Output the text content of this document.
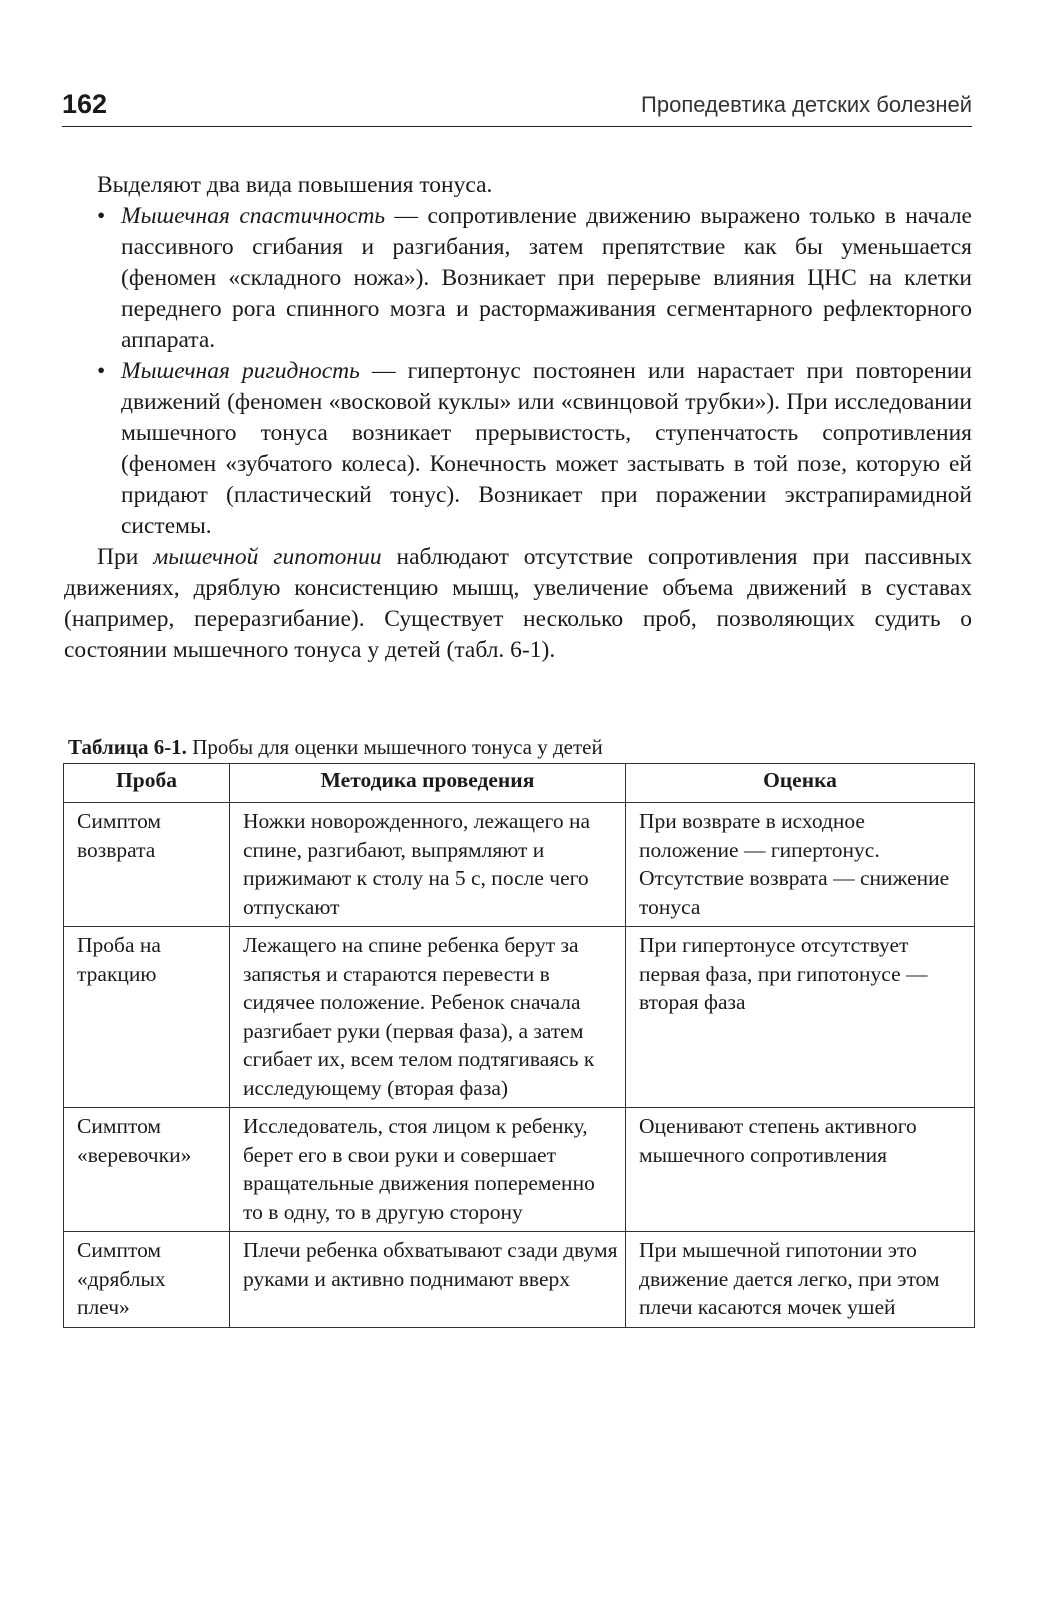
162	Пропедевтика детских болезней

Выделяют два вида повышения тонуса.

• Мышечная спастичность — сопротивление движению выражено только в начале пассивного сгибания и разгибания, затем препятствие как бы уменьшается (феномен «складного ножа»). Возникает при перерыве влияния ЦНС на клетки переднего рога спинного мозга и растормаживания сегментарного рефлекторного аппарата.

• Мышечная ригидность — гипертонус постоянен или нарастает при повторении движений (феномен «восковой куклы» или «свинцовой трубки»). При исследовании мышечного тонуса возникает прерывистость, ступенчатость сопротивления (феномен «зубчатого колеса). Конечность может застывать в той позе, которую ей придают (пластический тонус). Возникает при поражении экстрапирамидной системы.

При мышечной гипотонии наблюдают отсутствие сопротивления при пассивных движениях, дряблую консистенцию мышц, увеличение объема движений в суставах (например, переразгибание). Существует несколько проб, позволяющих судить о состоянии мышечного тонуса у детей (табл. 6-1).

Таблица 6-1. Пробы для оценки мышечного тонуса у детей
Проба	Методика проведения	Оценка
Симптом возврата	Ножки новорожденного, лежащего на спине, разгибают, выпрямляют и прижимают к столу на 5 с, после чего отпускают	При возврате в исходное положение — гипертонус. Отсутствие возврата — снижение тонуса
Проба на тракцию	Лежащего на спине ребенка берут за запястья и стараются перевести в сидячее положение. Ребенок сначала разгибает руки (первая фаза), а затем сгибает их, всем телом подтягиваясь к исследующему (вторая фаза)	При гипертонусе отсутствует первая фаза, при гипотонусе — вторая фаза
Симптом «веревочки»	Исследователь, стоя лицом к ребенку, берет его в свои руки и совершает вращательные движения попеременно то в одну, то в другую сторону	Оценивают степень активного мышечного сопротивления
Симптом «дряблых плеч»	Плечи ребенка обхватывают сзади двумя руками и активно поднимают вверх	При мышечной гипотонии это движение дается легко, при этом плечи касаются мочек ушей
